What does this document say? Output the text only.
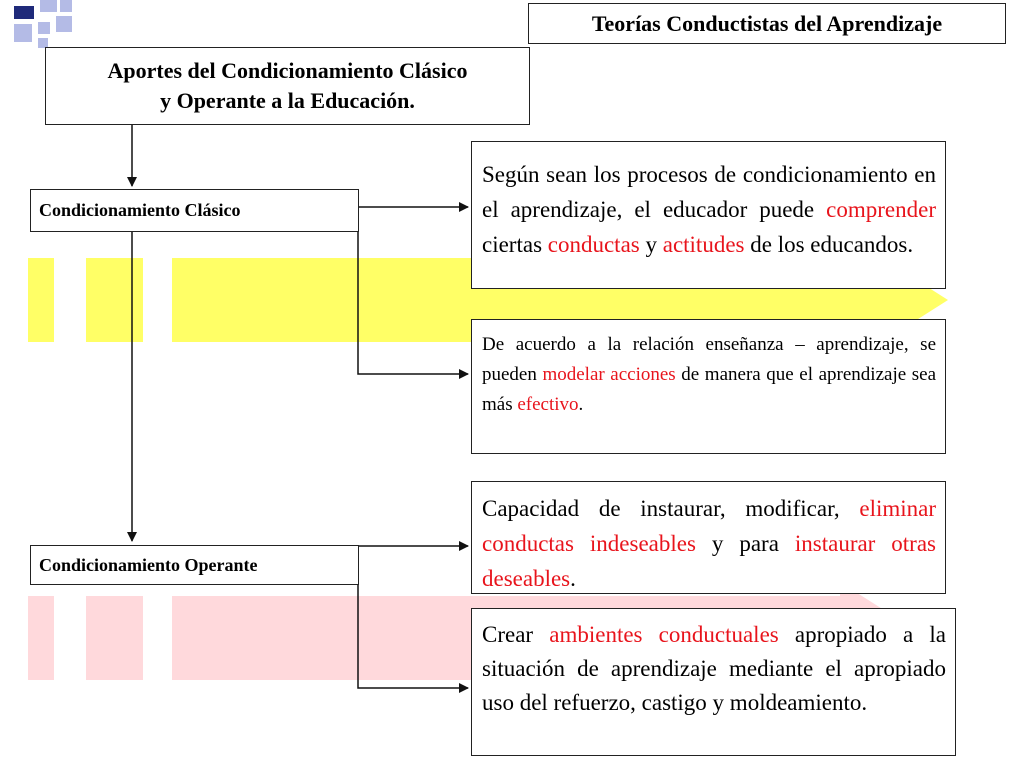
Teorías Conductistas del Aprendizaje
Aportes del Condicionamiento Clásico
y Operante a la Educación.
Condicionamiento Clásico
Condicionamiento Operante
Según sean los procesos de condicionamiento en el aprendizaje, el educador puede comprender ciertas conductas y actitudes de los educandos.
De acuerdo a la relación enseñanza – aprendizaje, se pueden modelar acciones de manera que el aprendizaje sea más efectivo.
Capacidad de instaurar, modificar, eliminar conductas indeseables y para instaurar otras deseables.
Crear ambientes conductuales apropiado a la situación de aprendizaje mediante el apropiado uso del refuerzo, castigo y moldeamiento.
